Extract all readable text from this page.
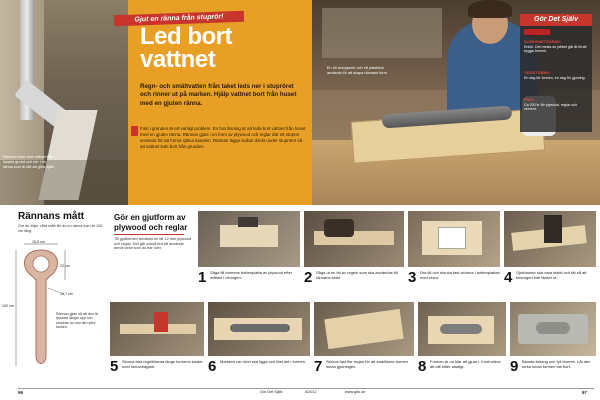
Rännan leder bort vattnet från husets grund och ner i en ränna som är lätt att göra själv.
Gjut en ränna från stuprör!
Led bort
vattnet
Regn- och smältvatten från taket leds ner i stupröret och rinner ut på marken. Hjälp vattnet bort från huset med en gjuten ränna.
Fukt i grunden är ett vanligt problem. En bra lösning är att leda bort vattnet från huset med en gjuten ränna. Rännan gjuts i en form av plywood och reglar där ett stuprör används för att forma själva kanalen. Rännan läggs sedan direkt under stupröret så att vattnet leds bort från grunden.
En bit avloppsrör och ett plastlock används för att skapa rännans form.
Gör Det Själv
SVÅRIGHETSGRAD:
Enkel. Det mesta av jobbet går åt till att bygga formen.
TIDSÅTGÅNG:
En dag för formen, en dag för gjutning.
PRIS:
Ca 200 kr för plywood, reglar och cement.
Rännans mått
Om du följer våra mått får du en ränna som är 100 cm lång.
15,5 cm
22 cm
14,7 cm
100 cm
Rännan gjuts så att den är tjockast längst upp och smalnar av mot den yttre kanten.
Gör en gjutform av
plywood och reglar
Till gjutformen används en bit 12 mm plywood och reglar. Det går också bra att använda annat virke som du har över.
1 Såga till formens bottenplatta av plywood efter måtten i ritningen.	2 Såga ut en bit av regeln som ska användas till rännans sidor.	3 Dra till och skruva fast sidorna i bottenplattan med skruv.	4 Gjutformen ska vara stabil och tät så att betongen inte läcker ut.
5 Skruva fast regelbitarna längs formens kanter med skruvdragare.	6 Markera var röret ska ligga och fäst det i formen. 7 Skruva fast fler reglar för att stabilisera formen innan gjutningen.	8 Formen är nu klar att gjuta i. Kontrollera att allt sitter stadigt.	9 Blanda betong och fyll formen. Låt den torka innan formen tas bort.
96	Gör Det Själv	5/2012	www.gds.se	97
